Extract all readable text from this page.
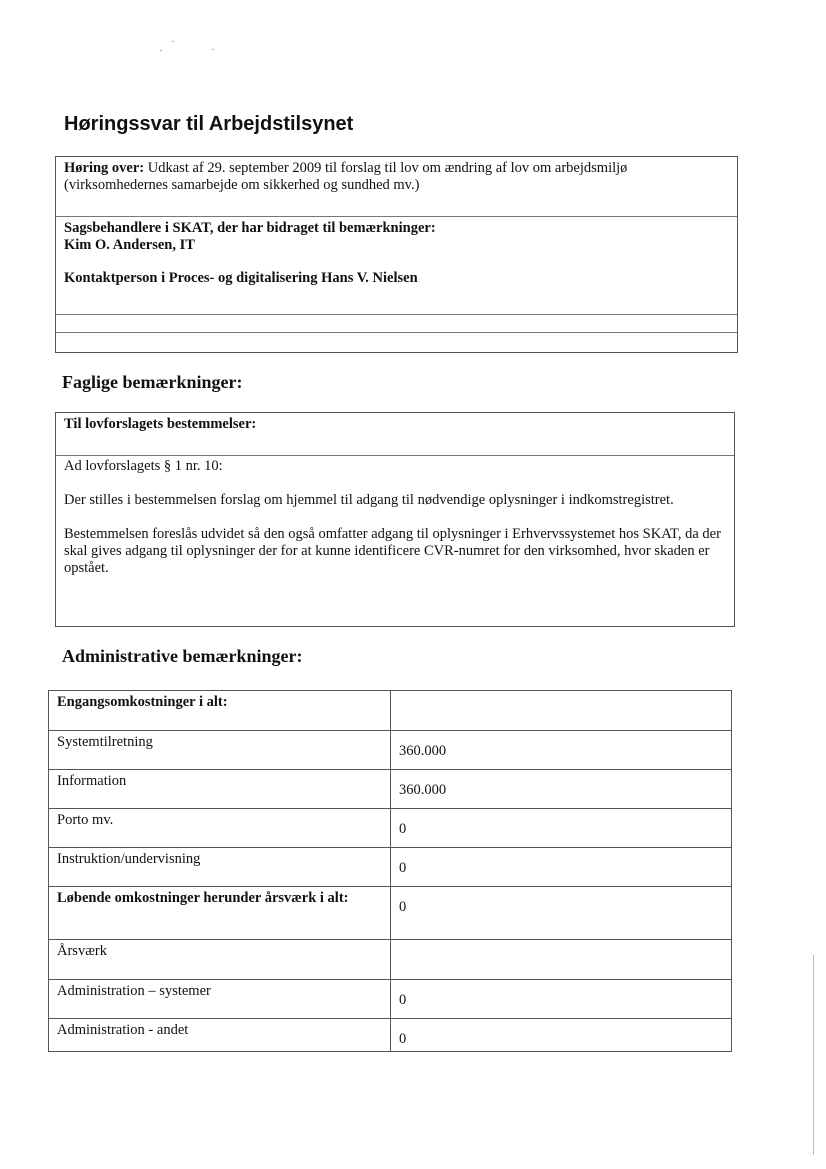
Høringssvar til Arbejdstilsynet
Høring over: Udkast af 29. september 2009 til forslag til lov om ændring af lov om arbejdsmiljø (virksomhedernes samarbejde om sikkerhed og sundhed mv.)

Sagsbehandlere i SKAT, der har bidraget til bemærkninger:

Kim O. Andersen, IT

Kontaktperson i Proces- og digitalisering Hans V. Nielsen

Faglige bemærkninger:
Til lovforslagets bestemmelser:

Ad lovforslagets § 1 nr. 10:

Der stilles i bestemmelsen forslag om hjemmel til adgang til nødvendige oplysninger i indkomstregistret.

Bestemmelsen foreslås udvidet så den også omfatter adgang til oplysninger i Erhvervssystemet hos SKAT, da der skal gives adgang til oplysninger der for at kunne identificere CVR-numret for den virksomhed, hvor skaden er opstået.

Administrative bemærkninger:
Engangsomkostninger i alt:	
Systemtilretning	360.000
Information	360.000
Porto mv.	0
Instruktion/undervisning	0
Løbende omkostninger herunder årsværk i alt:	0
Årsværk	
Administration – systemer	0
Administration - andet	0
